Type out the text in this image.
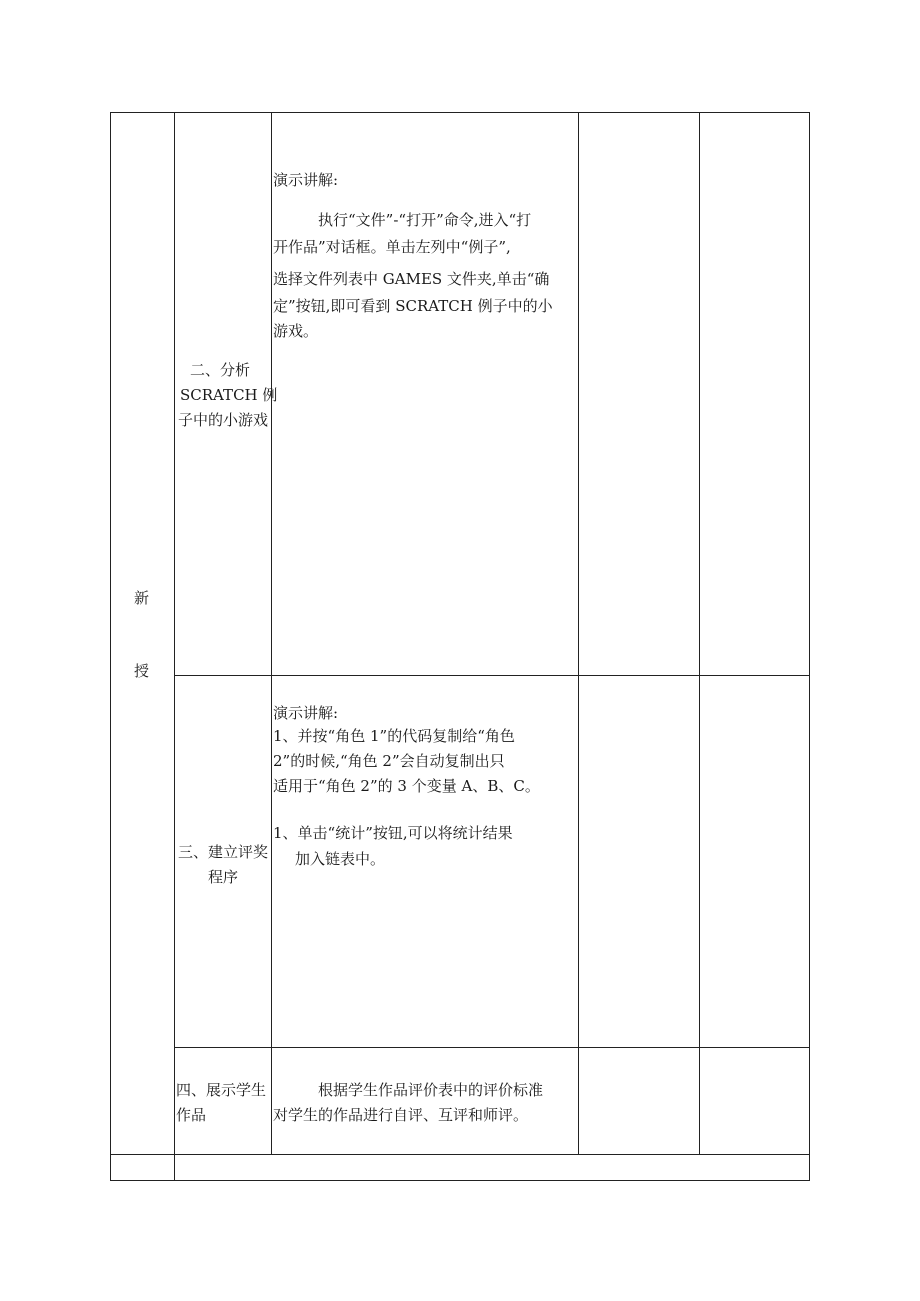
新
授
二、分析
SCRATCH 例
子中的小游戏
演示讲解:
执行“文件”-“打开”命令,进入“打
开作品”对话框。单击左列中“例子”,
选择文件列表中 GAMES 文件夹,单击“确
定”按钮,即可看到 SCRATCH 例子中的小
游戏。
三、建立评奖
程序
演示讲解:
1、并按“角色 1”的代码复制给“角色
2”的时候,“角色 2”会自动复制出只
适用于“角色 2”的 3 个变量 A、B、C。
1、单击“统计”按钮,可以将统计结果
加入链表中。
四、展示学生
作品
根据学生作品评价表中的评价标准
对学生的作品进行自评、互评和师评。
